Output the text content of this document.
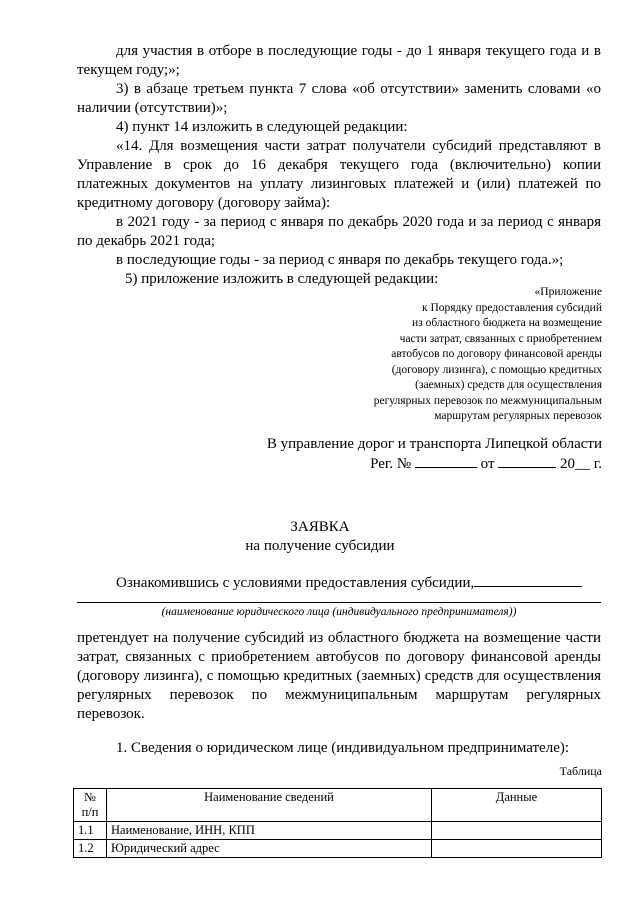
для участия в отборе в последующие годы - до 1 января текущего года и в текущем году;»;

3) в абзаце третьем пункта 7 слова «об отсутствии» заменить словами «о наличии (отсутствии)»;

4) пункт 14 изложить в следующей редакции:

«14. Для возмещения части затрат получатели субсидий представляют в Управление в срок до 16 декабря текущего года (включительно) копии платежных документов на уплату лизинговых платежей и (или) платежей по кредитному договору (договору займа):

в 2021 году - за период с января по декабрь 2020 года и за период с января по декабрь 2021 года;

в последующие годы - за период с января по декабрь текущего года.»;

5) приложение изложить в следующей редакции:

«Приложение
к Порядку предоставления субсидий
из областного бюджета на возмещение
части затрат, связанных с приобретением
автобусов по договору финансовой аренды
(договору лизинга), с помощью кредитных
(заемных) средств для осуществления
регулярных перевозок по межмуниципальным
маршрутам регулярных перевозок
В управление дорог и транспорта Липецкой области
Рег. №	от	20__ г.
ЗАЯВКА
на получение субсидии
Ознакомившись с условиями предоставления субсидии,
(наименование юридического лица (индивидуального предпринимателя))

претендует на получение субсидий из областного бюджета на возмещение части затрат, связанных с приобретением автобусов по договору финансовой аренды (договору лизинга), с помощью кредитных (заемных) средств для осуществления регулярных перевозок по межмуниципальным маршрутам регулярных перевозок.

1. Сведения о юридическом лице (индивидуальном предпринимателе):
Таблица
№ п/п	Наименование сведений	Данные
1.1	Наименование, ИНН, КПП	
1.2	Юридический адрес	
